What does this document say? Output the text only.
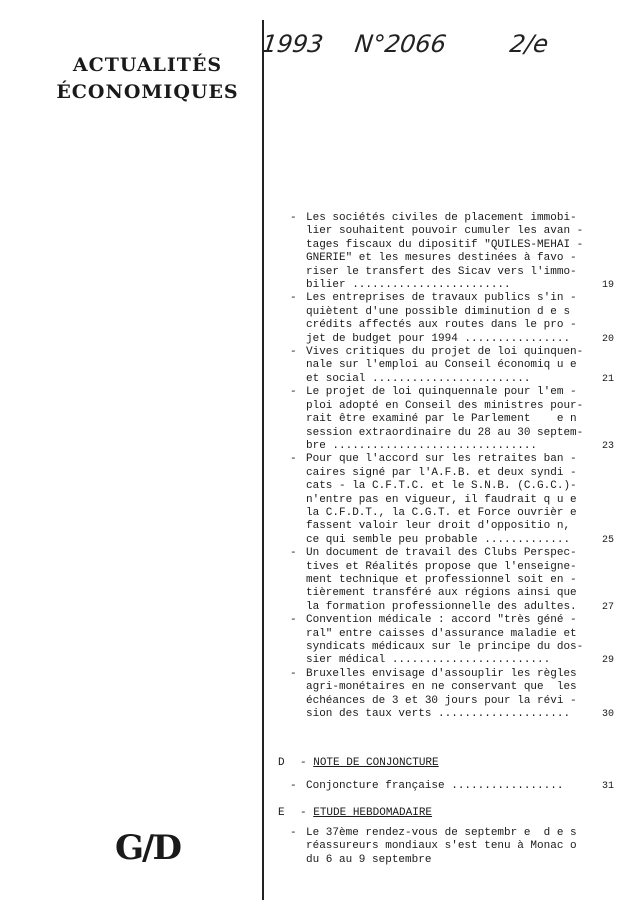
ACTUALITÉS
ÉCONOMIQUES
1993 N°2066	2/e
- Les sociétés civiles de placement immobi-
lier souhaitent pouvoir cumuler les avan -
tages fiscaux du dipositif "QUILES-MEHAI -
GNERIE" et les mesures destinées à favo -
riser le transfert des Sicav vers l'immo-
bilier ........................	19
- Les entreprises de travaux publics s'in -
quiètent d'une possible diminution d e s
crédits affectés aux routes dans le pro -
jet de budget pour 1994 ................	20
- Vives critiques du projet de loi quinquen-
nale sur l'emploi au Conseil économiq u e
et social ........................	21
- Le projet de loi quinquennale pour l'em -
ploi adopté en Conseil des ministres pour-
rait être examiné par le Parlement    e n
session extraordinaire du 28 au 30 septem-
bre ...............................	23
- Pour que l'accord sur les retraites ban -
caires signé par l'A.F.B. et deux syndi -
cats - la C.F.T.C. et le S.N.B. (C.G.C.)-
n'entre pas en vigueur, il faudrait q u e
la C.F.D.T., la C.G.T. et Force ouvrièr e
fassent valoir leur droit d'oppositio n,
ce qui semble peu probable .............	25
- Un document de travail des Clubs Perspec-
tives et Réalités propose que l'enseigne-
ment technique et professionnel soit en -
tièrement transféré aux régions ainsi que
la formation professionnelle des adultes.	27
- Convention médicale : accord "très géné -
ral" entre caisses d'assurance maladie et
syndicats médicaux sur le principe du dos-
sier médical ........................	29
- Bruxelles envisage d'assouplir les règles
agri-monétaires en ne conservant que  les
échéances de 3 et 30 jours pour la révi -
sion des taux verts ....................	30
D - NOTE DE CONJONCTURE
- Conjoncture française .................	31
E - ETUDE HEBDOMADAIRE
- Le 37ème rendez-vous de septembr e  d e s
réassureurs mondiaux s'est tenu à Monac o
du 6 au 9 septembre
G/D
